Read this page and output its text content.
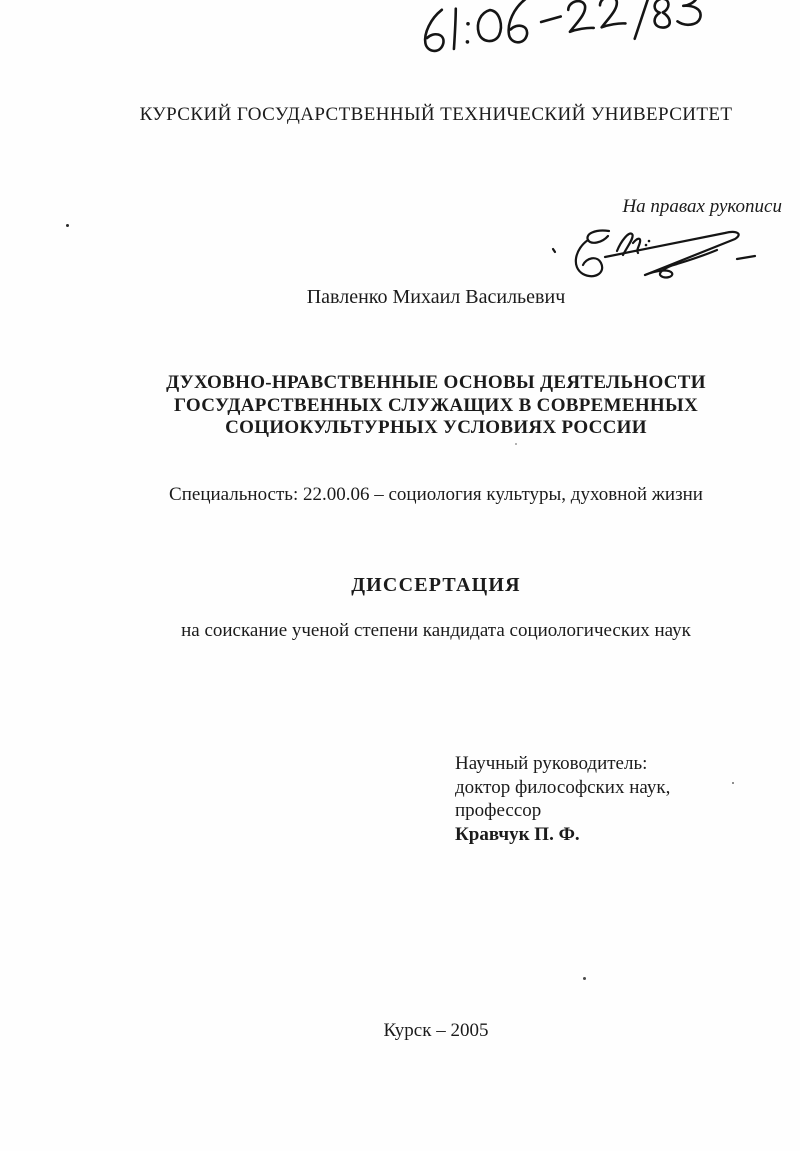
КУРСКИЙ ГОСУДАРСТВЕННЫЙ ТЕХНИЧЕСКИЙ УНИВЕРСИТЕТ
На правах рукописи
Павленко Михаил Васильевич
ДУХОВНО-НРАВСТВЕННЫЕ ОСНОВЫ ДЕЯТЕЛЬНОСТИ
ГОСУДАРСТВЕННЫХ СЛУЖАЩИХ В СОВРЕМЕННЫХ
СОЦИОКУЛЬТУРНЫХ УСЛОВИЯХ РОССИИ
Специальность: 22.00.06 – социология культуры, духовной жизни
ДИССЕРТАЦИЯ
на соискание ученой степени кандидата социологических наук
Научный руководитель:
доктор философских наук,
профессор
Кравчук П. Ф.
Курск – 2005
